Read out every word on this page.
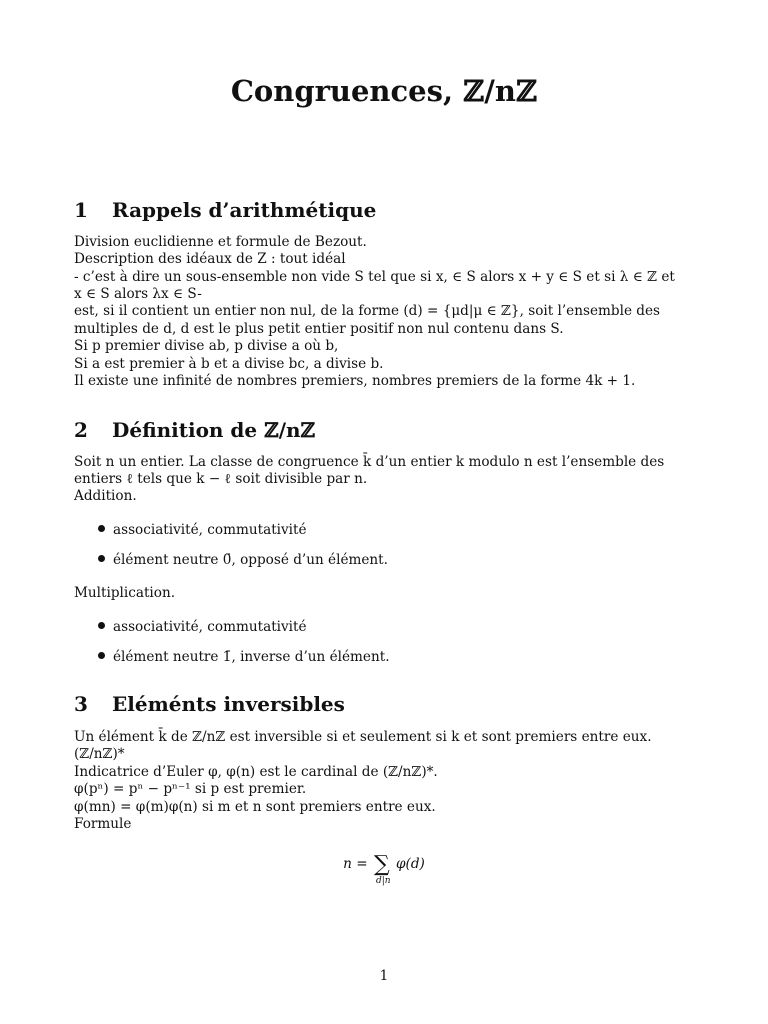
Congruences, ℤ/nℤ
1 Rappels d’arithmétique
Division euclidienne et formule de Bezout.
Description des idéaux de Z : tout idéal
- c’est à dire un sous-ensemble non vide S tel que si x, ∈ S alors x + y ∈ S et si λ ∈ ℤ et
x ∈ S alors λx ∈ S-
est, si il contient un entier non nul, de la forme (d) = {μd|μ ∈ ℤ}, soit l’ensemble des
multiples de d, d est le plus petit entier positif non nul contenu dans S.
Si p premier divise ab, p divise a où b,
Si a est premier à b et a divise bc, a divise b.
Il existe une infinité de nombres premiers, nombres premiers de la forme 4k + 1.
2 Définition de ℤ/nℤ
Soit n un entier. La classe de congruence k̄ d’un entier k modulo n est l’ensemble des
entiers ℓ tels que k − ℓ soit divisible par n.
Addition.
associativité, commutativité
élément neutre 0̄, opposé d’un élément.
Multiplication.
associativité, commutativité
élément neutre 1̄, inverse d’un élément.
3 Eléménts inversibles
Un élément k̄ de ℤ/nℤ est inversible si et seulement si k et sont premiers entre eux.
(ℤ/nℤ)*
Indicatrice d’Euler φ, φ(n) est le cardinal de (ℤ/nℤ)*.
φ(pⁿ) = pⁿ − pⁿ⁻¹ si p est premier.
φ(mn) = φ(m)φ(n) si m et n sont premiers entre eux.
Formule
n = ∑
d|n
φ(d)
1
